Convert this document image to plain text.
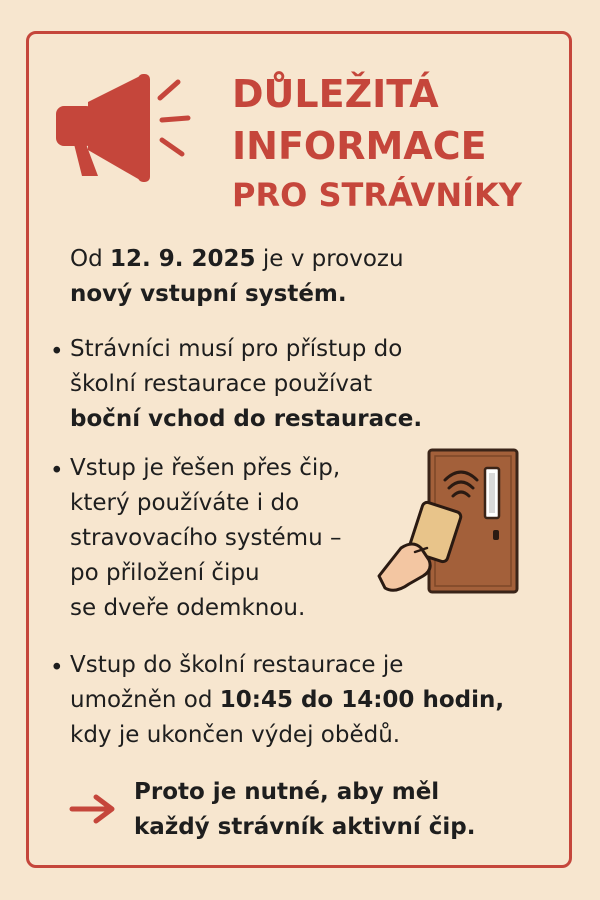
DŮLEŽITÁ
INFORMACE
PRO STRÁVNÍKY
Od 12. 9. 2025 je v provozu
nový vstupní systém.
• Strávníci musí pro přístup do
školní restaurace používat
boční vchod do restaurace.
• Vstup je řešen přes čip,
který používáte i do
stravovacího systému –
po přiložení čipu
se dveře odemknou.
• Vstup do školní restaurace je
umožněn od 10:45 do 14:00 hodin,
kdy je ukončen výdej obědů.
Proto je nutné, aby měl
každý strávník aktivní čip.
